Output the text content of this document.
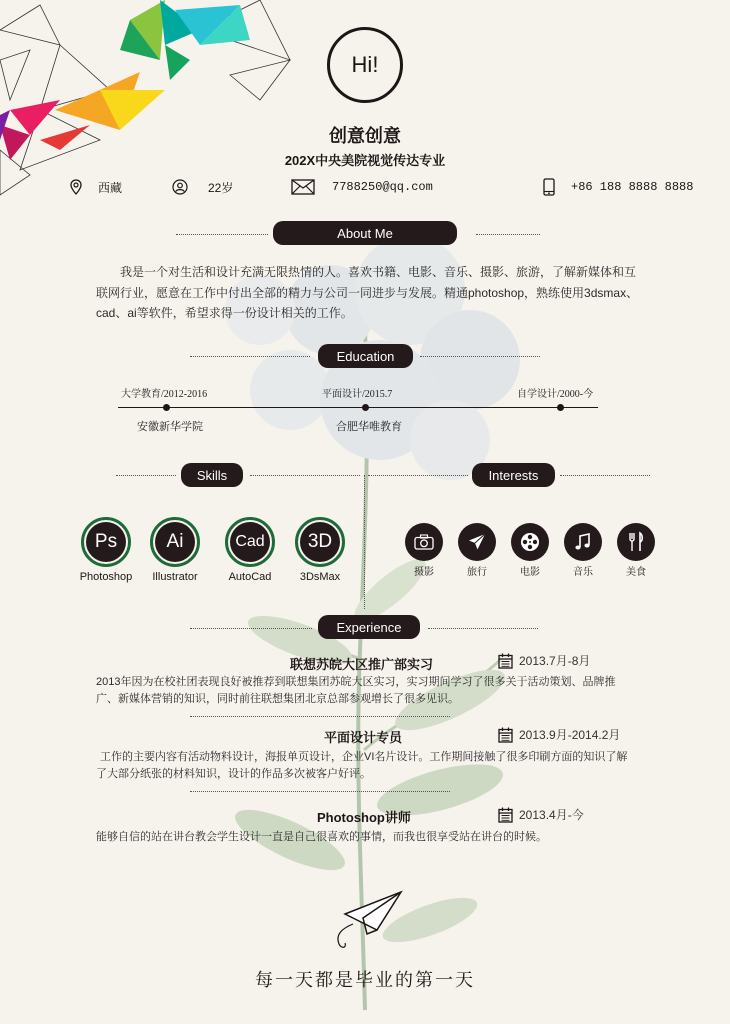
Hi!
创意创意
202X中央美院视觉传达专业
西藏	22岁	7788250@qq.com	+86 188 8888 8888
About Me
我是一个对生活和设计充满无限热情的人。喜欢书籍、电影、音乐、摄影、旅游，了解新媒体和互联网行业，愿意在工作中付出全部的精力与公司一同进步与发展。精通photoshop，熟练使用3dsmax、cad、ai等软件，希望求得一份设计相关的工作。
Education
大学教育/2012-2016	平面设计/2015.7	自学设计/2000-今
安徽新华学院	合肥华唯教育
Skills	Interests
Ps
Photoshop
Ai
Illustrator
Cad
AutoCad
3D
3DsMax	摄影	旅行	电影	音乐	美食
Experience
联想苏皖大区推广部实习	2013.7月-8月
2013年因为在校社团表现良好被推荐到联想集团苏皖大区实习，实习期间学习了很多关于活动策划、品牌推广、新媒体营销的知识，同时前往联想集团北京总部参观增长了很多见识。
平面设计专员	2013.9月-2014.2月
工作的主要内容有活动物料设计，海报单页设计，企业VI名片设计。工作期间接触了很多印刷方面的知识了解了大部分纸张的材料知识，设计的作品多次被客户好评。
Photoshop讲师	2013.4月-今
能够自信的站在讲台教会学生设计一直是自己很喜欢的事情，而我也很享受站在讲台的时候。
每一天都是毕业的第一天
